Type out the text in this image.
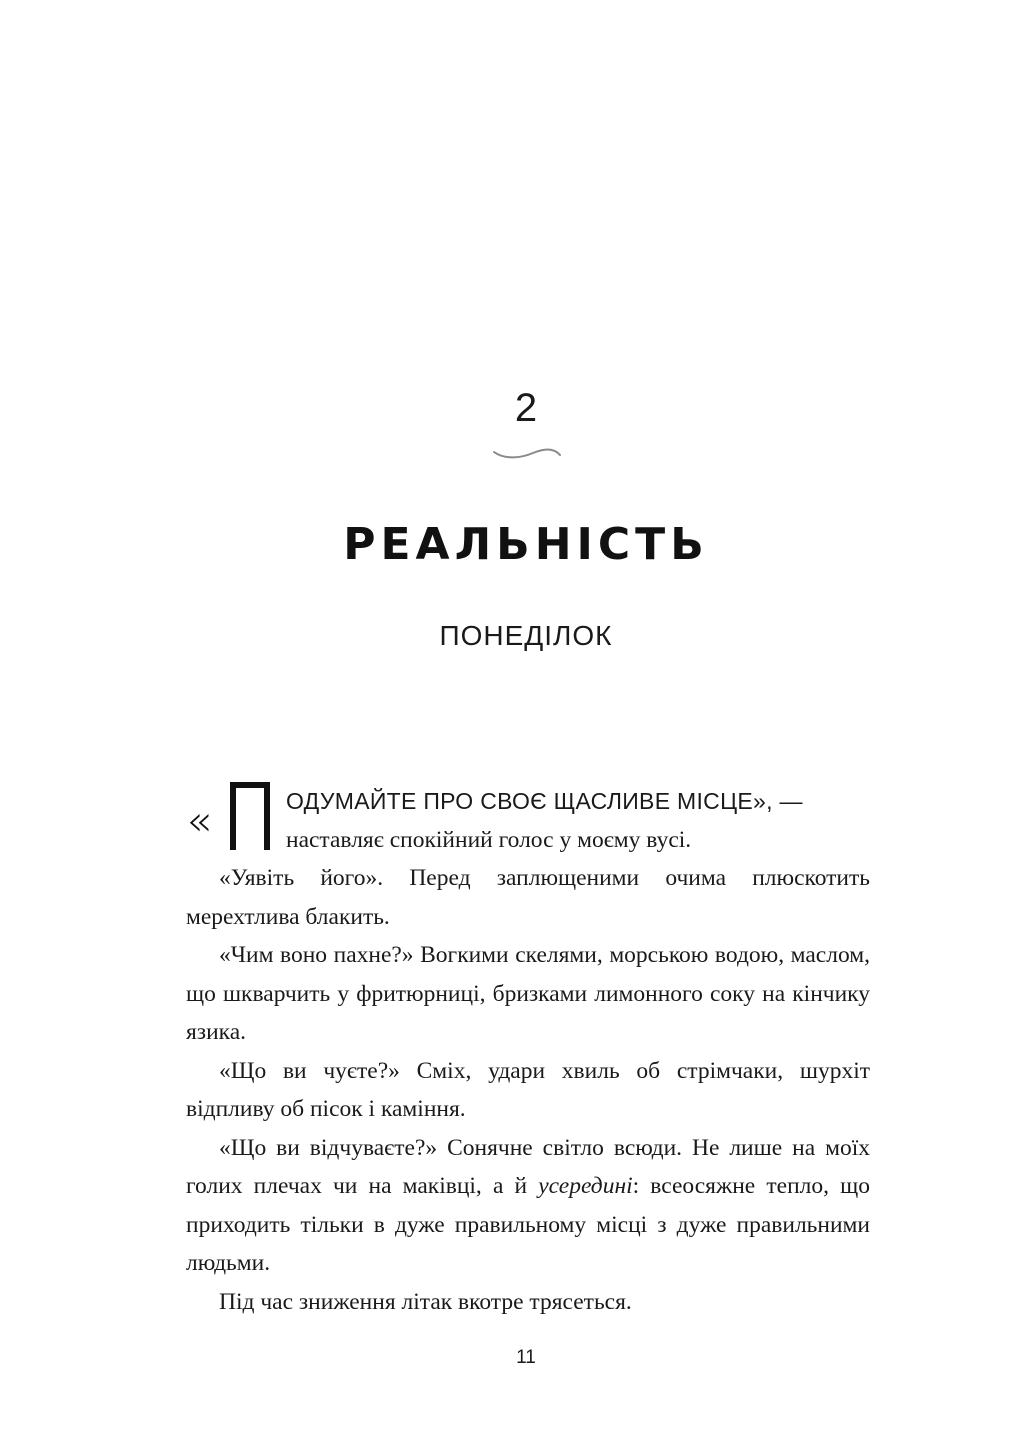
2
РЕАЛЬНІСТЬ
ПОНЕДІЛОК
«	ОДУМАЙТЕ ПРО СВОЄ ЩАСЛИВЕ МІСЦЕ», —
наставляє спокійний голос у моєму вусі.

«Уявіть його». Перед заплющеними очима плюскотить мерехтлива блакить.

«Чим воно пахне?» Вогкими скелями, морською водою, маслом, що шкварчить у фритюрниці, бризками лимонного соку на кінчику язика.

«Що ви чуєте?» Сміх, удари хвиль об стрімчаки, шурхіт відпливу об пісок і каміння.

«Що ви відчуваєте?» Сонячне світло всюди. Не лише на моїх голих плечах чи на маківці, а й усередині: всеосяжне тепло, що приходить тільки в дуже правильному місці з дуже правильними людьми.

Під час зниження літак вкотре трясеться.

11
